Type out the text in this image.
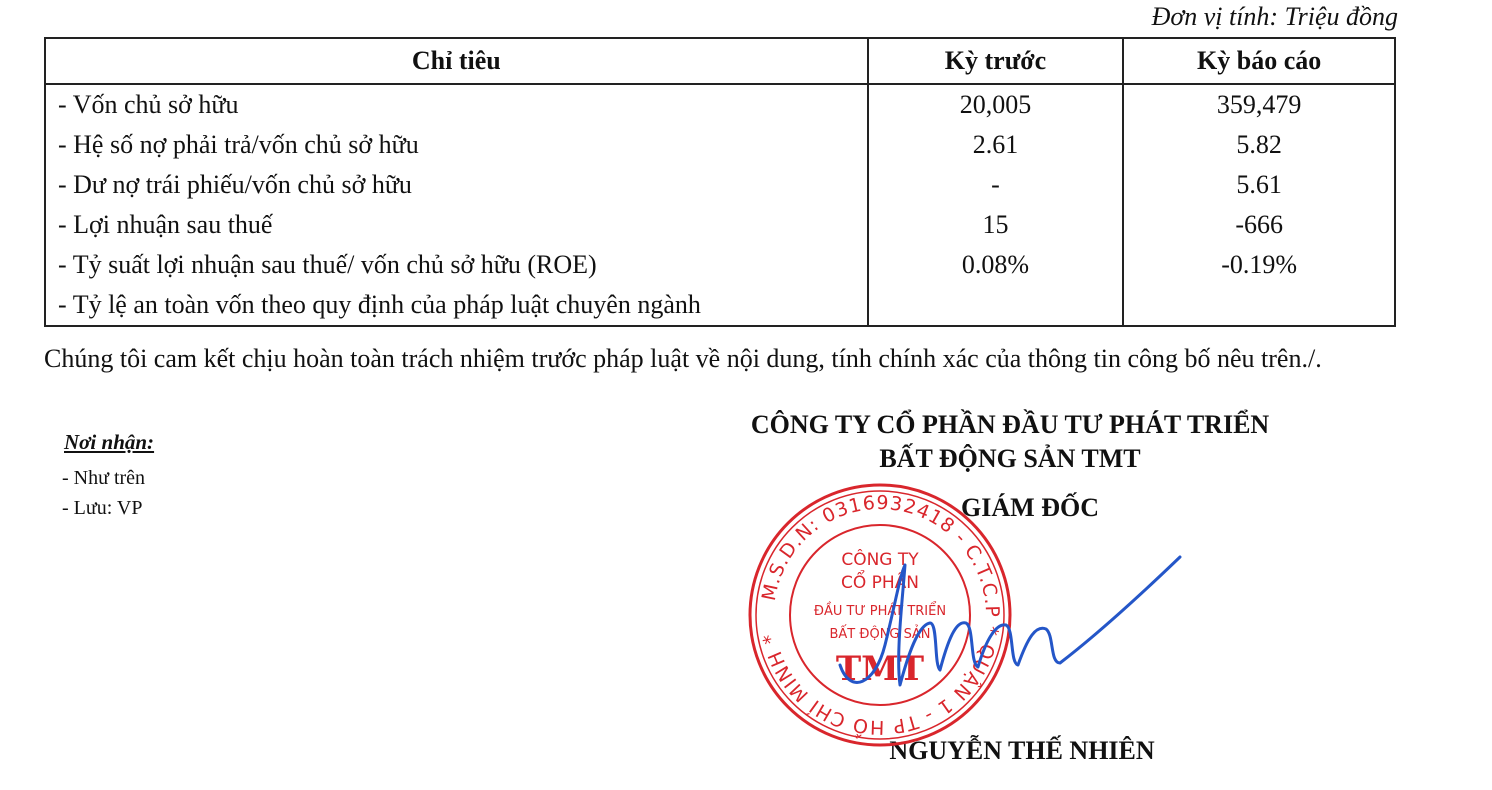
Đơn vị tính: Triệu đồng
Chỉ tiêu	Kỳ trước	Kỳ báo cáo
- Vốn chủ sở hữu	20,005	359,479
- Hệ số nợ phải trả/vốn chủ sở hữu	2.61	5.82
- Dư nợ trái phiếu/vốn chủ sở hữu	-	5.61
- Lợi nhuận sau thuế	15	-666
- Tỷ suất lợi nhuận sau thuế/ vốn chủ sở hữu (ROE)	0.08%	-0.19%
- Tỷ lệ an toàn vốn theo quy định của pháp luật chuyên ngành		
Chúng tôi cam kết chịu hoàn toàn trách nhiệm trước pháp luật về nội dung, tính chính xác của thông tin công bố nêu trên./.
Nơi nhận:
- Như trên
- Lưu: VP
CÔNG TY CỔ PHẦN ĐẦU TƯ PHÁT TRIỂN
BẤT ĐỘNG SẢN TMT
GIÁM ĐỐC
NGUYỄN THẾ NHIÊN
M.S.D.N: 0316932418 - C.T.C.P * QUẬN 1 - TP HỒ CHÍ MINH *
CÔNG TY
CỔ PHẦN
ĐẦU TƯ PHÁT TRIỂN
BẤT ĐỘNG SẢN
TMT
